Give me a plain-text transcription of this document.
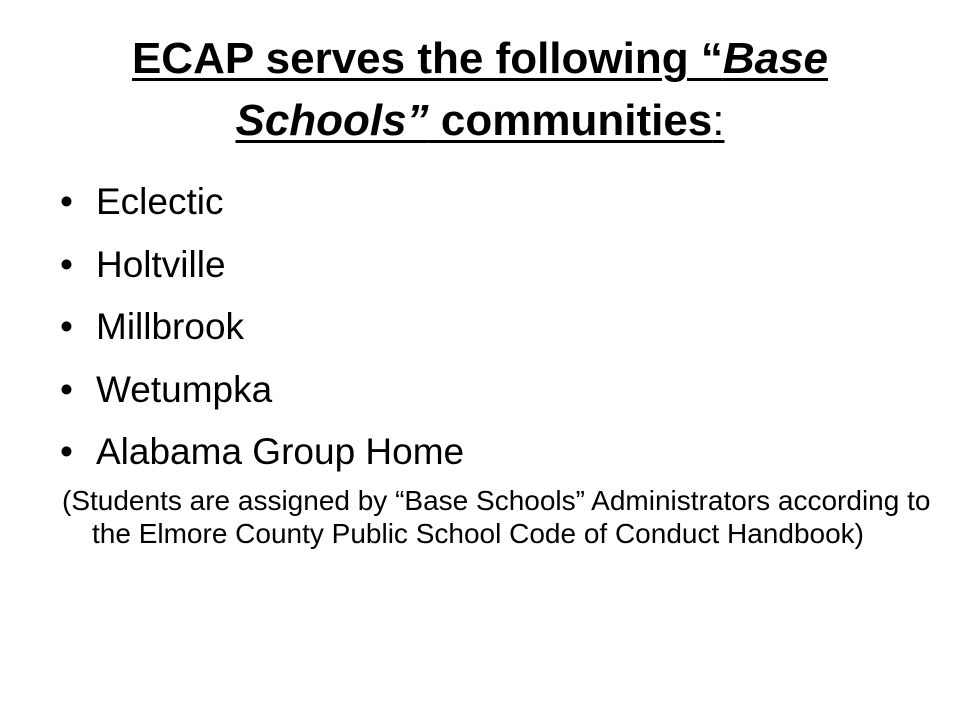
ECAP serves the following “Base Schools” communities:
• Eclectic
• Holtville
• Millbrook
• Wetumpka
• Alabama Group Home

(Students are assigned by “Base Schools” Administrators according to the Elmore County Public School Code of Conduct Handbook)
